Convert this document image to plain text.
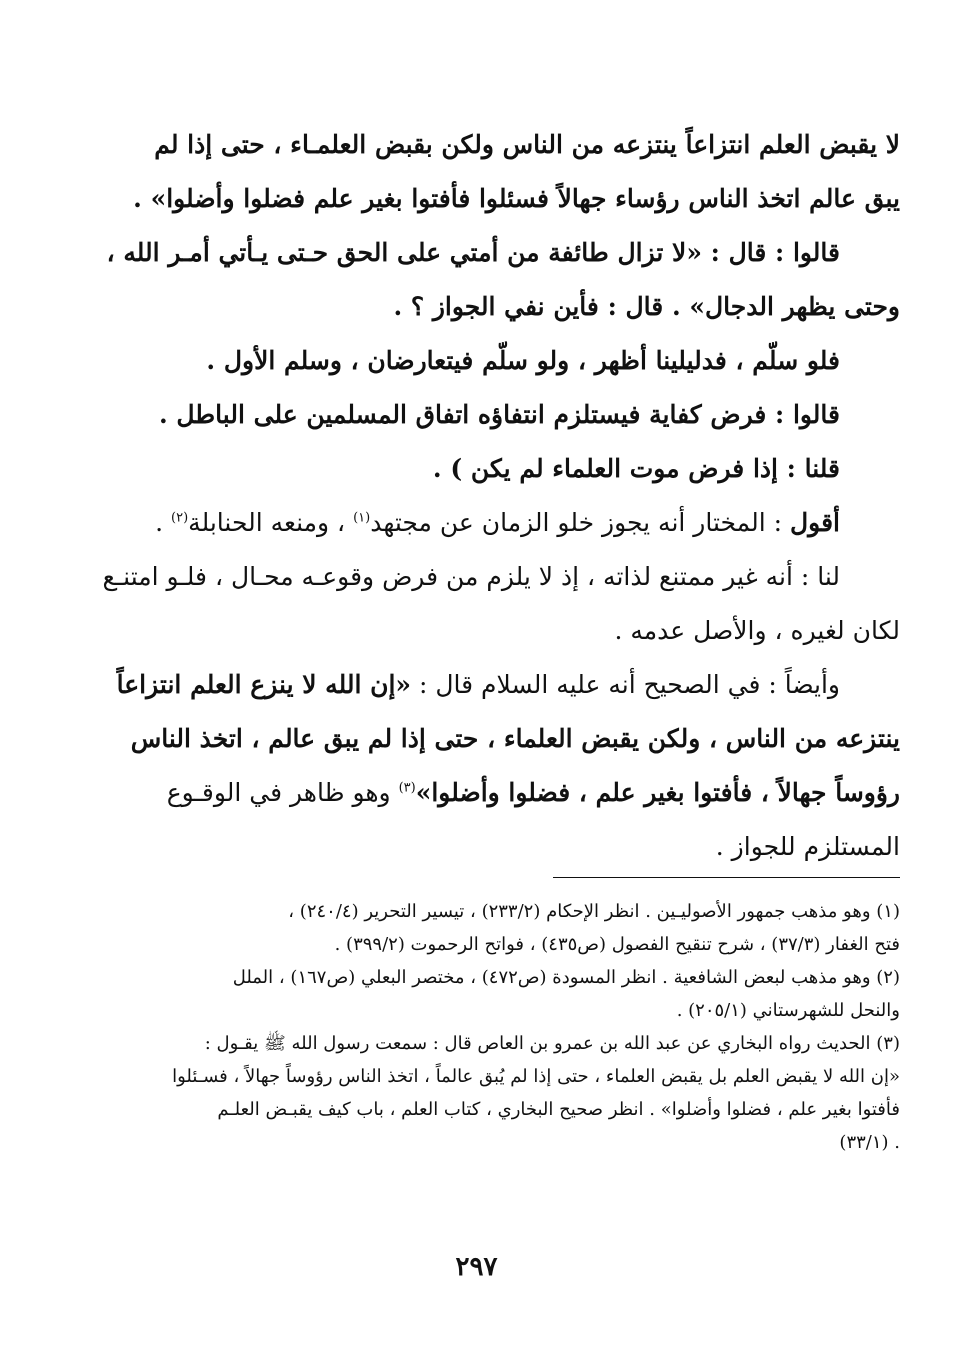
لا يقبض العلم انتزاعاً ينتزعه من الناس ولكن بقبض العلمـاء ، حتى إذا لم
يبق عالم اتخذ الناس رؤساء جهالاً فسئلوا فأفتوا بغير علم فضلوا وأضلوا» .
قالوا : قال : «لا تزال طائفة من أمتي على الحق حـتى يـأتي أمـر الله ،
وحتى يظهر الدجال» . قال : فأين نفي الجواز ؟ .
فلو سلّم ، فدليلينا أظهر ، ولو سلّم فيتعارضان ، وسلم الأول .
قالوا : فرض كفاية فيستلزم انتفاؤه اتفاق المسلمين على الباطل .
قلنا : إذا فرض موت العلماء لم يكن ) .
أقول : المختار أنه يجوز خلو الزمان عن مجتهد$^{(١)}$ ، ومنعه الحنابلة$^{(٢)}$ .
لنا : أنه غير ممتنع لذاته ، إذ لا يلزم من فرض وقوعـه محـال ، فلـو امتنـع
لكان لغيره ، والأصل عدمه .
وأيضاً : في الصحيح أنه عليه السلام قال : «إن الله لا ينزع العلم انتزاعاً
ينتزعه من الناس ، ولكن يقبض العلماء ، حتى إذا لم يبق عالم ، اتخذ الناس
رؤوساً جهالاً ، فأفتوا بغير علم ، فضلوا وأضلوا»$^{(٣)}$ وهو ظاهر في الوقـوع
المستلزم للجواز .
(١) وهو مذهب جمهور الأصوليـين . انظر الإحكام (٢٣٣/٢) ، تيسير التحرير (٢٤٠/٤) ،
فتح الغفار (٣٧/٣) ، شرح تنقيح الفصول (ص٤٣٥) ، فواتح الرحموت (٣٩٩/٢) .
(٢) وهو مذهب لبعض الشافعية . انظر المسودة (ص٤٧٢) ، مختصر البعلي (ص١٦٧) ، الملل
والنحل للشهرستاني (٢٠٥/١) .
(٣) الحديث رواه البخاري عن عبد الله بن عمرو بن العاص قال : سمعت رسول الله ﷺ يقـول :
«إن الله لا يقبض العلم بل يقبض العلماء ، حتى إذا لم يُبق عالماً ، اتخذ الناس رؤوساً جهالاً ، فسـئلوا
فأفتوا بغير علم ، فضلوا وأضلوا» . انظر صحيح البخاري ، كتاب العلم ، باب كيف يقبـض العلـم
. (٣٣/١)
٢٩٧
